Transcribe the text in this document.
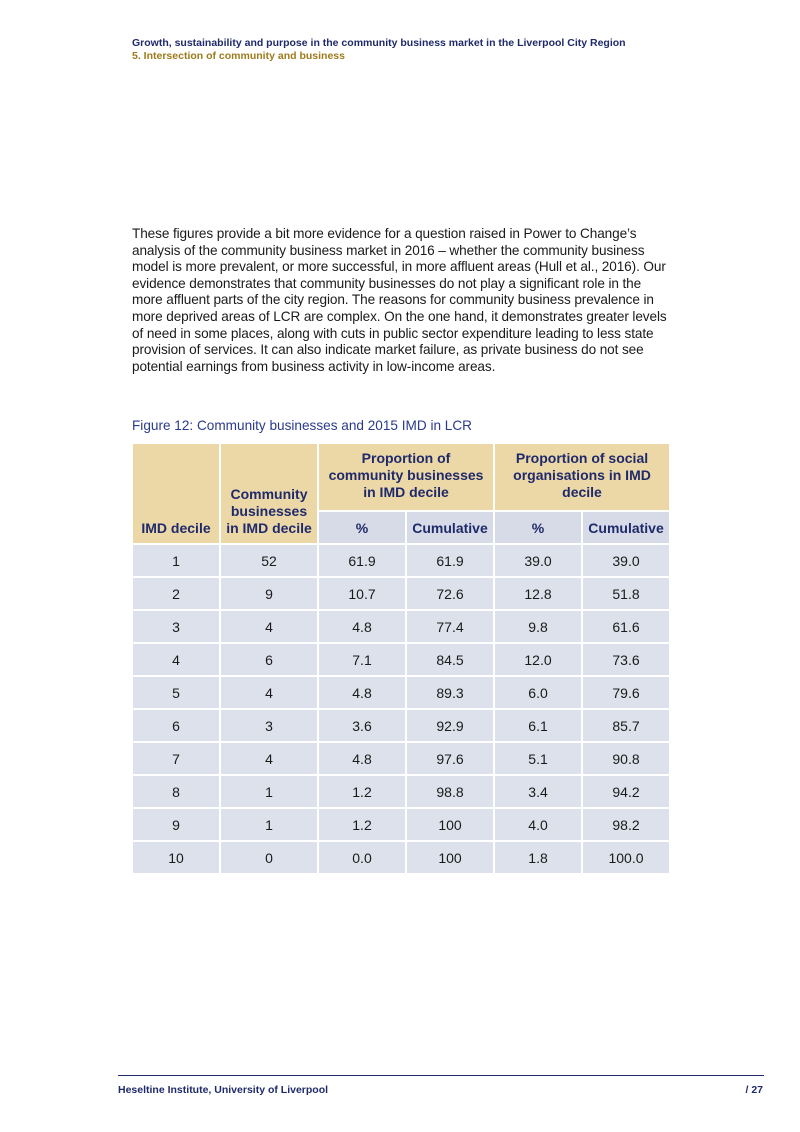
Growth, sustainability and purpose in the community business market in the Liverpool City Region
5. Intersection of community and business

These figures provide a bit more evidence for a question raised in Power to Change’s analysis of the community business market in 2016 – whether the community business model is more prevalent, or more successful, in more affluent areas (Hull et al., 2016). Our evidence demonstrates that community businesses do not play a significant role in the more affluent parts of the city region. The reasons for community business prevalence in more deprived areas of LCR are complex. On the one hand, it demonstrates greater levels of need in some places, along with cuts in public sector expenditure leading to less state provision of services. It can also indicate market failure, as private business do not see potential earnings from business activity in low-income areas.

Figure 12: Community businesses and 2015 IMD in LCR
IMD decile	Community businesses in IMD decile	Proportion of community businesses in IMD decile		Proportion of social organisations in IMD decile	
		%	Cumulative	%	Cumulative
1	52	61.9	61.9	39.0	39.0
2	9	10.7	72.6	12.8	51.8
3	4	4.8	77.4	9.8	61.6
4	6	7.1	84.5	12.0	73.6
5	4	4.8	89.3	6.0	79.6
6	3	3.6	92.9	6.1	85.7
7	4	4.8	97.6	5.1	90.8
8	1	1.2	98.8	3.4	94.2
9	1	1.2	100	4.0	98.2
10	0	0.0	100	1.8	100.0
Heseltine Institute, University of Liverpool	/ 27
